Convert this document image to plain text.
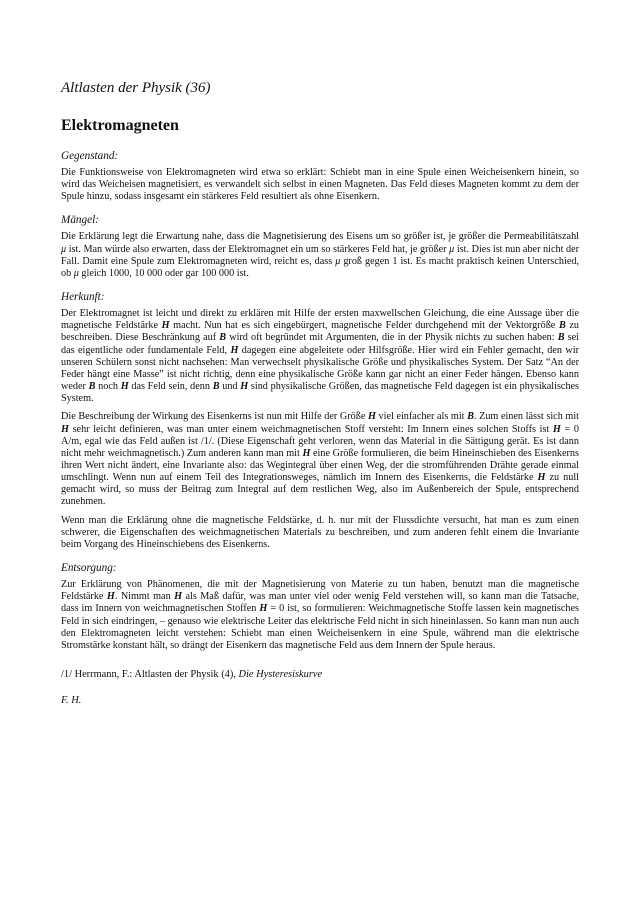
Altlasten der Physik (36)
Elektromagneten
Gegenstand:

Die Funktionsweise von Elektromagneten wird etwa so erklärt: Schiebt man in eine Spule einen Weicheisenkern hinein, so wird das Weicheisen magnetisiert, es verwandelt sich selbst in einen Magneten. Das Feld dieses Magneten kommt zu dem der Spule hinzu, sodass insgesamt ein stärkeres Feld resultiert als ohne Eisenkern.

Mängel:

Die Erklärung legt die Erwartung nahe, dass die Magnetisierung des Eisens um so größer ist, je größer die Permeabilitätszahl μ ist. Man würde also erwarten, dass der Elektromagnet ein um so stärkeres Feld hat, je größer μ ist. Dies ist nun aber nicht der Fall. Damit eine Spule zum Elektromagneten wird, reicht es, dass μ groß gegen 1 ist. Es macht praktisch keinen Unterschied, ob μ gleich 1000, 10 000 oder gar 100 000 ist.

Herkunft:

Der Elektromagnet ist leicht und direkt zu erklären mit Hilfe der ersten maxwellschen Gleichung, die eine Aussage über die magnetische Feldstärke H macht. Nun hat es sich eingebürgert, magnetische Felder durchgehend mit der Vektorgröße B zu beschreiben. Diese Beschränkung auf B wird oft begründet mit Argumenten, die in der Physik nichts zu suchen haben: B sei das eigentliche oder fundamentale Feld, H dagegen eine abgeleitete oder Hilfsgröße. Hier wird ein Fehler gemacht, den wir unseren Schülern sonst nicht nachsehen: Man verwechselt physikalische Größe und physikalisches System. Der Satz “An der Feder hängt eine Masse” ist nicht richtig, denn eine physikalische Größe kann gar nicht an einer Feder hängen. Ebenso kann weder B noch H das Feld sein, denn B und H sind physikalische Größen, das magnetische Feld dagegen ist ein physikalisches System.

Die Beschreibung der Wirkung des Eisenkerns ist nun mit Hilfe der Größe H viel einfacher als mit B. Zum einen lässt sich mit H sehr leicht definieren, was man unter einem weichmagnetischen Stoff versteht: Im Innern eines solchen Stoffs ist H = 0 A/m, egal wie das Feld außen ist /1/. (Diese Eigenschaft geht verloren, wenn das Material in die Sättigung gerät. Es ist dann nicht mehr weichmagnetisch.) Zum anderen kann man mit H eine Größe formulieren, die beim Hineinschieben des Eisenkerns ihren Wert nicht ändert, eine Invariante also: das Wegintegral über einen Weg, der die stromführenden Drähte gerade einmal umschlingt. Wenn nun auf einem Teil des Integrationsweges, nämlich im Innern des Eisenkerns, die Feldstärke H zu null gemacht wird, so muss der Beitrag zum Integral auf dem restlichen Weg, also im Außenbereich der Spule, entsprechend zunehmen.

Wenn man die Erklärung ohne die magnetische Feldstärke, d. h. nur mit der Flussdichte versucht, hat man es zum einen schwerer, die Eigenschaften des weichmagnetischen Materials zu beschreiben, und zum anderen fehlt einem die Invariante beim Vorgang des Hineinschiebens des Eisenkerns.

Entsorgung:

Zur Erklärung von Phänomenen, die mit der Magnetisierung von Materie zu tun haben, benutzt man die magnetische Feldstärke H. Nimmt man H als Maß dafür, was man unter viel oder wenig Feld verstehen will, so kann man die Tatsache, dass im Innern von weichmagnetischen Stoffen H = 0 ist, so formulieren: Weichmagnetische Stoffe lassen kein magnetisches Feld in sich eindringen, – genauso wie elektrische Leiter das elektrische Feld nicht in sich hineinlassen. So kann man nun auch den Elektromagneten leicht verstehen: Schiebt man einen Weicheisenkern in eine Spule, während man die elektrische Stromstärke konstant hält, so drängt der Eisenkern das magnetische Feld aus dem Innern der Spule heraus.

/1/ Herrmann, F.: Altlasten der Physik (4), Die Hysteresiskurve
F. H.
